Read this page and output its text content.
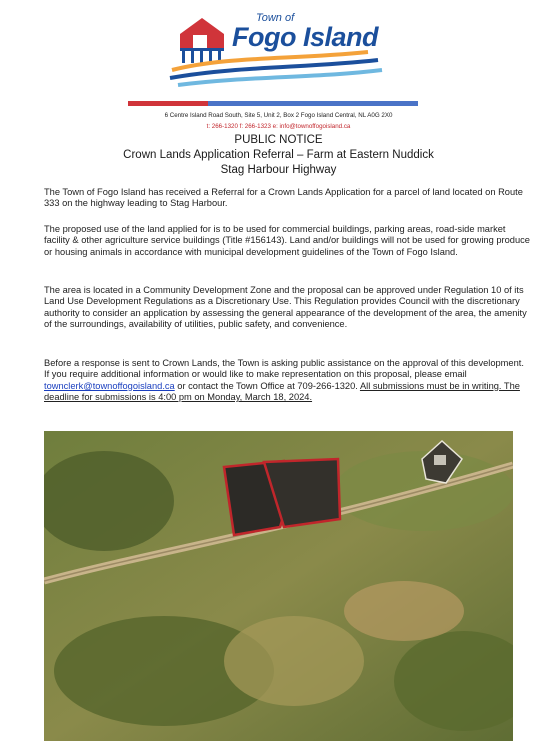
Town of
Fogo Island
6 Centre Island Road South, Site 5, Unit 2, Box 2 Fogo Island Central, NL A0G 2X0
t: 266-1320 f: 266-1323 e: info@townoffogoisland.ca
PUBLIC NOTICE
Crown Lands Application Referral – Farm at Eastern Nuddick
Stag Harbour Highway

The Town of Fogo Island has received a Referral for a Crown Lands Application for a parcel of land located on Route 333 on the highway leading to Stag Harbour.

The proposed use of the land applied for is to be used for commercial buildings, parking areas, road-side market facility & other agriculture service buildings (Title #156143). Land and/or buildings will not be used for growing produce or housing animals in accordance with municipal development guidelines of the Town of Fogo Island.

The area is located in a Community Development Zone and the proposal can be approved under Regulation 10 of its Land Use Development Regulations as a Discretionary Use. This Regulation provides Council with the discretionary authority to consider an application by assessing the general appearance of the development of the area, the amenity of the surroundings, availability of utilities, public safety, and convenience.

Before a response is sent to Crown Lands, the Town is asking public assistance on the approval of this development. If you require additional information or would like to make representation on this proposal, please email townclerk@townoffogoisland.ca or contact the Town Office at 709-266-1320. All submissions must be in writing. The deadline for submissions is 4:00 pm on Monday, March 18, 2024.
